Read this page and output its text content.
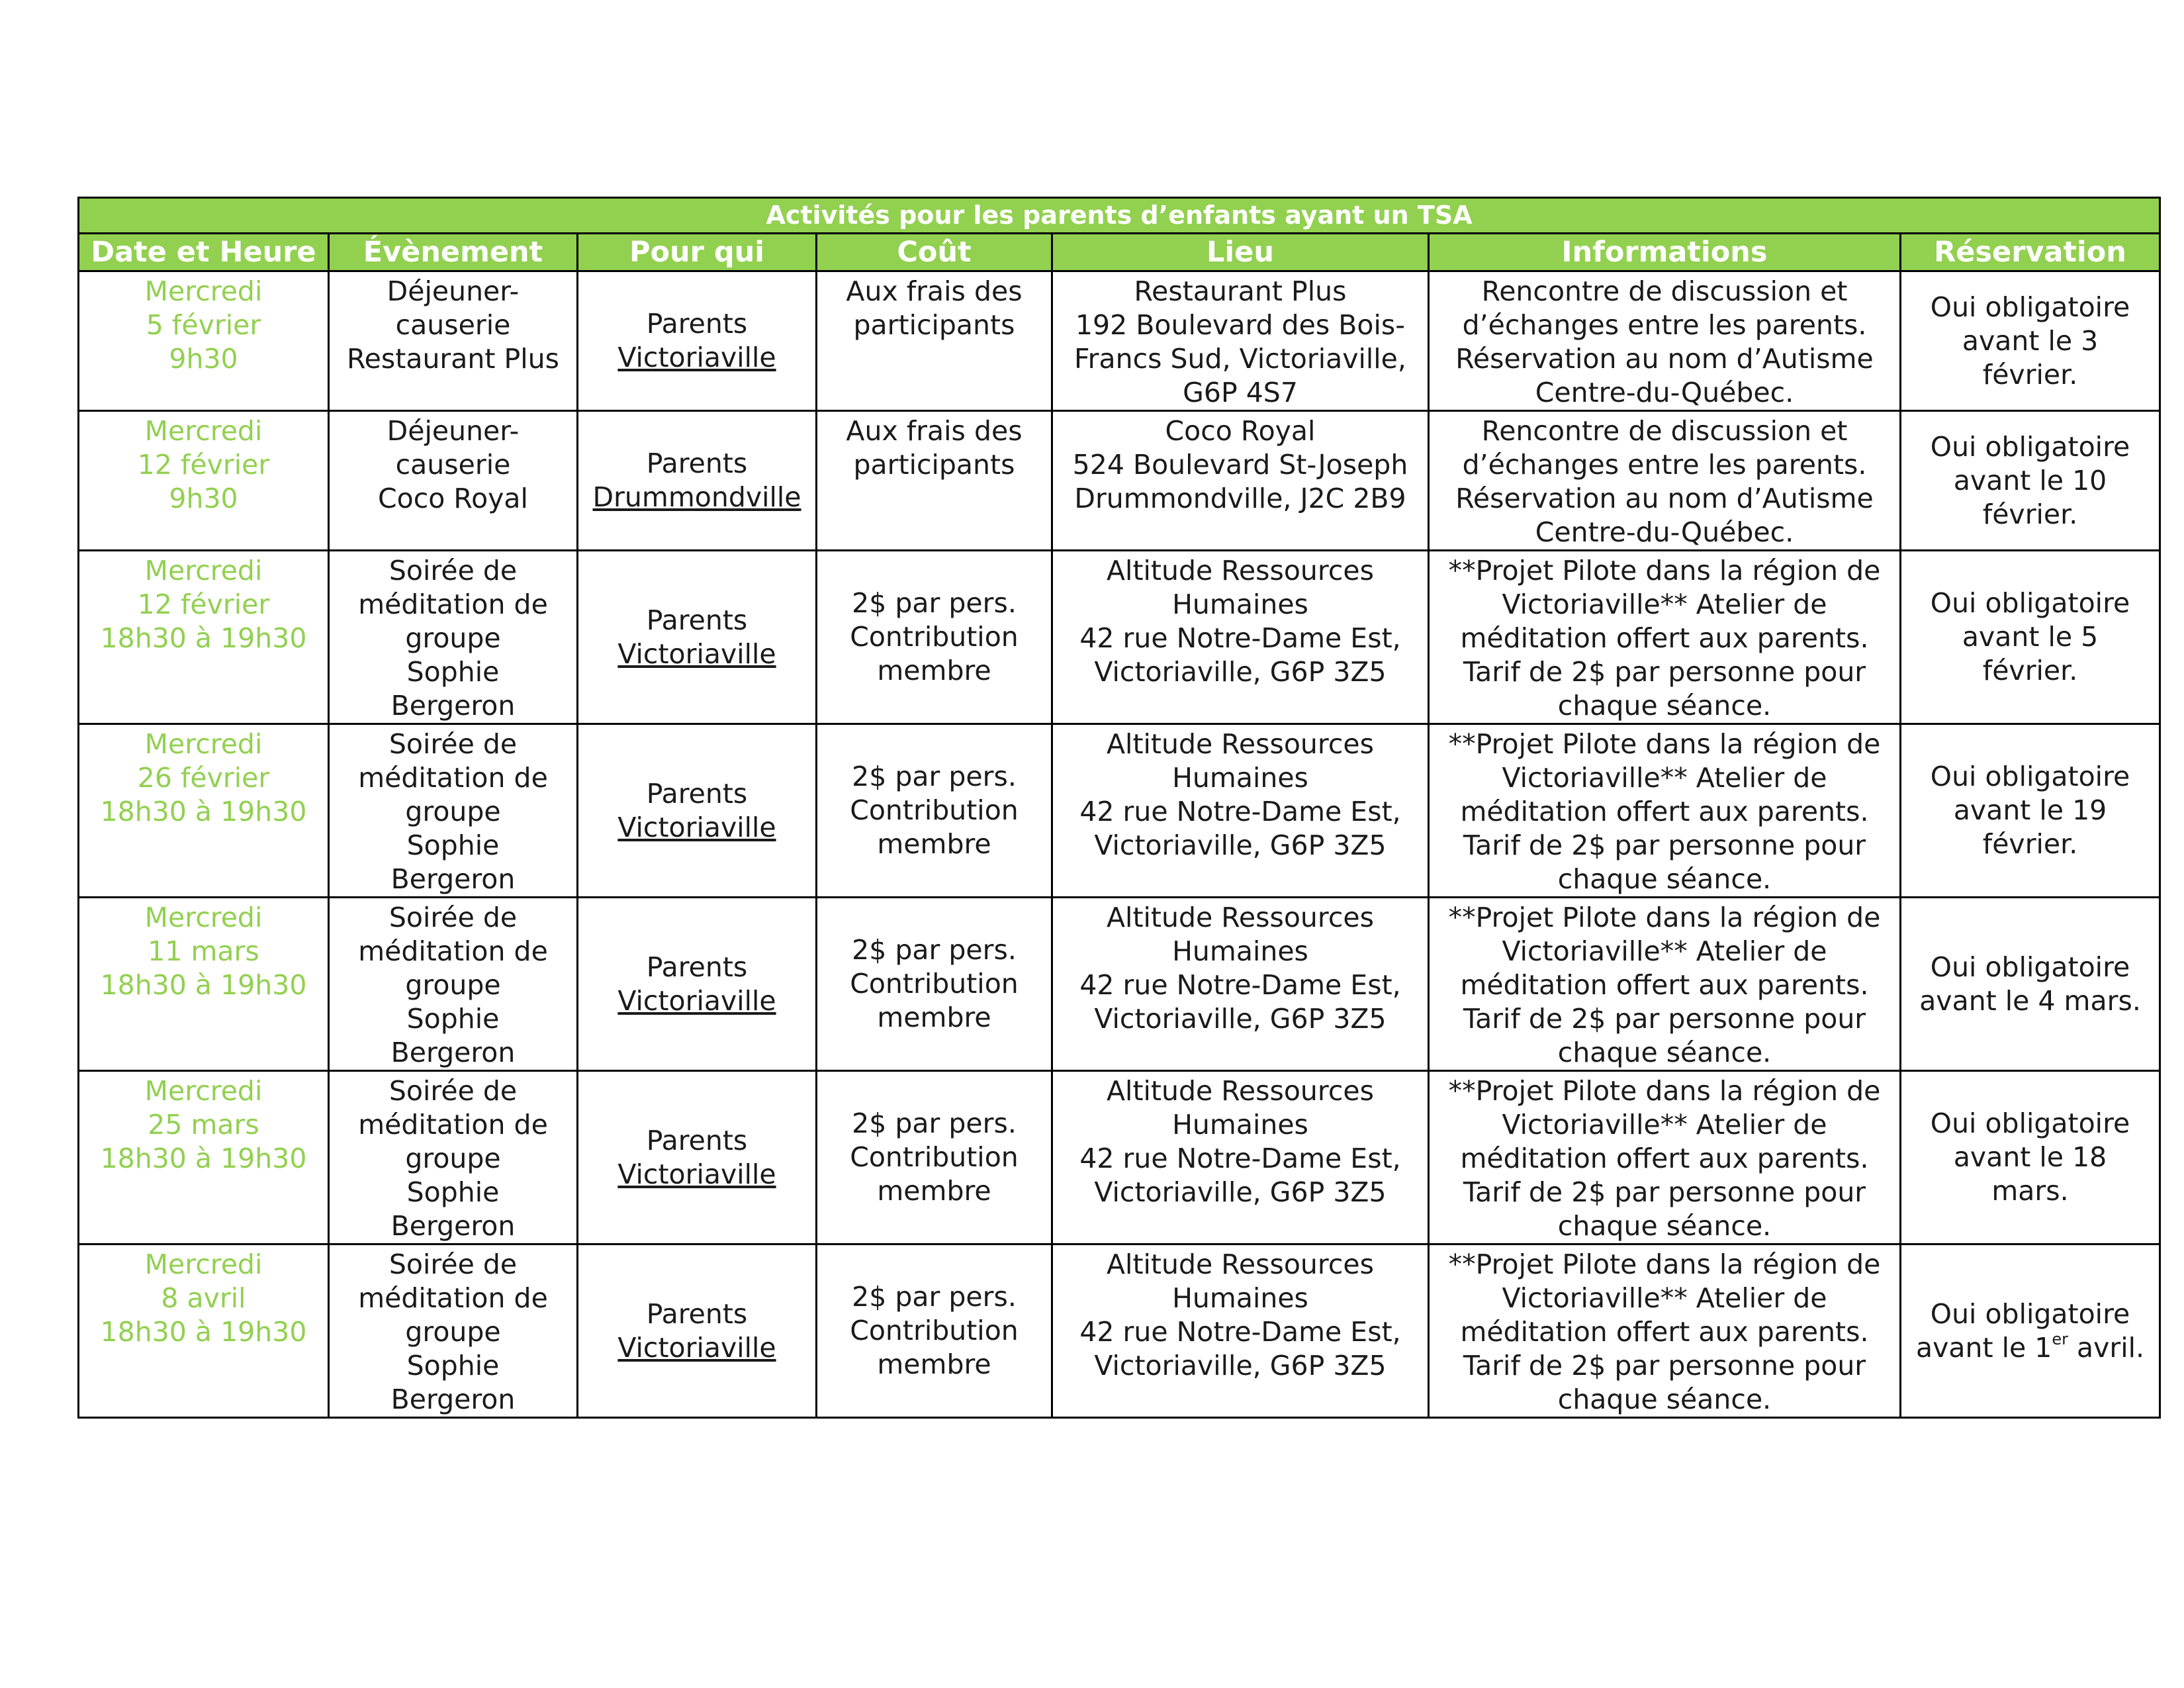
Activités pour les parents d’enfants ayant un TSA						
Date et Heure	Évènement	Pour qui	Coût	Lieu	Informations	Réservation

Mercredi
5 février
9h30	Déjeuner-
causerie
Restaurant Plus	Parents
Victoriaville	Aux frais des
participants	Restaurant Plus
192 Boulevard des Bois-
Francs Sud, Victoriaville,
G6P 4S7	Rencontre de discussion et
d’échanges entre les parents.
Réservation au nom d’Autisme
Centre-du-Québec.	Oui obligatoire
avant le 3
février.

Mercredi
12 février
9h30	Déjeuner-
causerie
Coco Royal	Parents
Drummondville	Aux frais des
participants	Coco Royal
524 Boulevard St-Joseph
Drummondville, J2C 2B9	Rencontre de discussion et
d’échanges entre les parents.
Réservation au nom d’Autisme
Centre-du-Québec.	Oui obligatoire
avant le 10
février.

Mercredi
12 février
18h30 à 19h30	Soirée de
méditation de
groupe
Sophie
Bergeron	Parents
Victoriaville	2$ par pers.
Contribution
membre	Altitude Ressources
Humaines
42 rue Notre-Dame Est,
Victoriaville, G6P 3Z5	**Projet Pilote dans la région de
Victoriaville** Atelier de
méditation offert aux parents.
Tarif de 2$ par personne pour
chaque séance.	Oui obligatoire
avant le 5
février.

Mercredi
26 février
18h30 à 19h30	Soirée de
méditation de
groupe
Sophie
Bergeron	Parents
Victoriaville	2$ par pers.
Contribution
membre	Altitude Ressources
Humaines
42 rue Notre-Dame Est,
Victoriaville, G6P 3Z5	**Projet Pilote dans la région de
Victoriaville** Atelier de
méditation offert aux parents.
Tarif de 2$ par personne pour
chaque séance.	Oui obligatoire
avant le 19
février.

Mercredi
11 mars
18h30 à 19h30	Soirée de
méditation de
groupe
Sophie
Bergeron	Parents
Victoriaville	2$ par pers.
Contribution
membre	Altitude Ressources
Humaines
42 rue Notre-Dame Est,
Victoriaville, G6P 3Z5	**Projet Pilote dans la région de
Victoriaville** Atelier de
méditation offert aux parents.
Tarif de 2$ par personne pour
chaque séance.	Oui obligatoire
avant le 4 mars.

Mercredi
25 mars
18h30 à 19h30	Soirée de
méditation de
groupe
Sophie
Bergeron	Parents
Victoriaville	2$ par pers.
Contribution
membre	Altitude Ressources
Humaines
42 rue Notre-Dame Est,
Victoriaville, G6P 3Z5	**Projet Pilote dans la région de
Victoriaville** Atelier de
méditation offert aux parents.
Tarif de 2$ par personne pour
chaque séance.	Oui obligatoire
avant le 18
mars.

Mercredi
8 avril
18h30 à 19h30	Soirée de
méditation de
groupe
Sophie
Bergeron	Parents
Victoriaville	2$ par pers.
Contribution
membre	Altitude Ressources
Humaines
42 rue Notre-Dame Est,
Victoriaville, G6P 3Z5	**Projet Pilote dans la région de
Victoriaville** Atelier de
méditation offert aux parents.
Tarif de 2$ par personne pour
chaque séance.	Oui obligatoire
avant le 1er avril.
